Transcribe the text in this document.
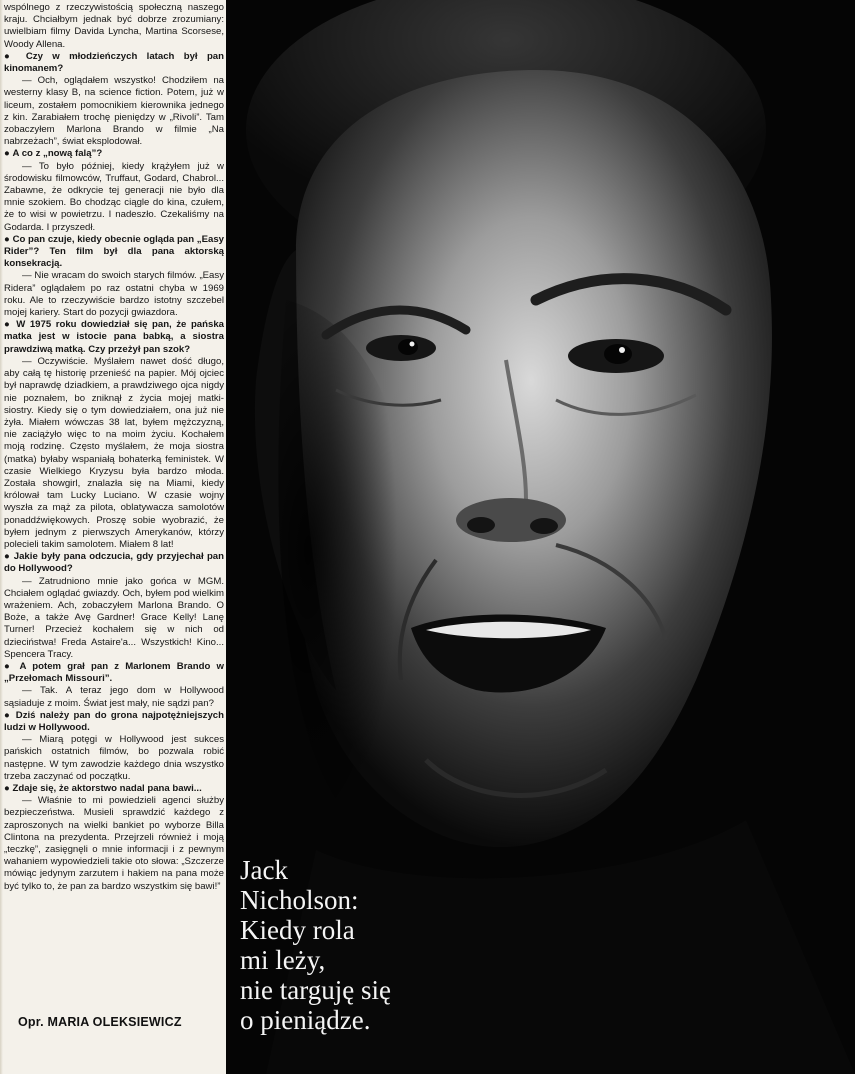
wspólnego z rzeczywistością społeczną naszego kraju. Chciałbym jednak być dobrze zrozumiany: uwielbiam filmy Davida Lyncha, Martina Scorsese, Woody Allena.

● Czy w młodzieńczych latach był pan kinomanem?

— Och, oglądałem wszystko! Chodziłem na westerny klasy B, na science fiction. Potem, już w liceum, zostałem pomocnikiem kierownika jednego z kin. Zarabiałem trochę pieniędzy w „Rivoli”. Tam zobaczyłem Marlona Brando w filmie „Na nabrzeżach”, świat eksplodował.

● A co z „nową falą”?

— To było później, kiedy krążyłem już w środowisku filmowców, Truffaut, Godard, Chabrol... Zabawne, że odkrycie tej generacji nie było dla mnie szokiem. Bo chodząc ciągle do kina, czułem, że to wisi w powietrzu. I nadeszło. Czekaliśmy na Godarda. I przyszedł.

● Co pan czuje, kiedy obecnie ogląda pan „Easy Rider”? Ten film był dla pana aktorską konsekracją.

— Nie wracam do swoich starych filmów. „Easy Ridera” oglądałem po raz ostatni chyba w 1969 roku. Ale to rzeczywiście bardzo istotny szczebel mojej kariery. Start do pozycji gwiazdora.

● W 1975 roku dowiedział się pan, że pańska matka jest w istocie pana babką, a siostra prawdziwą matką. Czy przeżył pan szok?

— Oczywiście. Myślałem nawet dość długo, aby całą tę historię przenieść na papier. Mój ojciec był naprawdę dziadkiem, a prawdziwego ojca nigdy nie poznałem, bo zniknął z życia mojej matki-siostry. Kiedy się o tym dowiedziałem, ona już nie żyła. Miałem wówczas 38 lat, byłem mężczyzną, nie zaciążyło więc to na moim życiu. Kochałem moją rodzinę. Często myślałem, że moja siostra (matka) byłaby wspaniałą bohaterką feministek. W czasie Wielkiego Kryzysu była bardzo młoda. Została showgirl, znalazła się na Miami, kiedy królował tam Lucky Luciano. W czasie wojny wyszła za mąż za pilota, oblatywacza samolotów ponaddźwiękowych. Proszę sobie wyobrazić, że byłem jednym z pierwszych Amerykanów, którzy polecieli takim samolotem. Miałem 8 lat!

● Jakie były pana odczucia, gdy przyjechał pan do Hollywood?

— Zatrudniono mnie jako gońca w MGM. Chciałem oglądać gwiazdy. Och, byłem pod wielkim wrażeniem. Ach, zobaczyłem Marlona Brando. O Boże, a także Avę Gardner! Grace Kelly! Lanę Turner! Przecież kochałem się w nich od dzieciństwa! Freda Astaire'a... Wszystkich! Kino... Spencera Tracy.

● A potem grał pan z Marlonem Brando w „Przełomach Missouri”.

— Tak. A teraz jego dom w Hollywood sąsiaduje z moim. Świat jest mały, nie sądzi pan?

● Dziś należy pan do grona najpotężniejszych ludzi w Hollywood.

— Miarą potęgi w Hollywood jest sukces pańskich ostatnich filmów, bo pozwala robić następne. W tym zawodzie każdego dnia wszystko trzeba zaczynać od początku.

● Zdaje się, że aktorstwo nadal pana bawi...

— Właśnie to mi powiedzieli agenci służby bezpieczeństwa. Musieli sprawdzić każdego z zaproszonych na wielki bankiet po wyborze Billa Clintona na prezydenta. Przejrzeli również i moją „teczkę”, zasięgnęli o mnie informacji i z pewnym wahaniem wypowiedzieli takie oto słowa: „Szczerze mówiąc jedynym zarzutem i hakiem na pana może być tylko to, że pan za bardzo wszystkim się bawi!”

Opr. MARIA OLEKSIEWICZ
Jack
Nicholson:
Kiedy rola
mi leży,
nie targuję się
o pieniądze.
